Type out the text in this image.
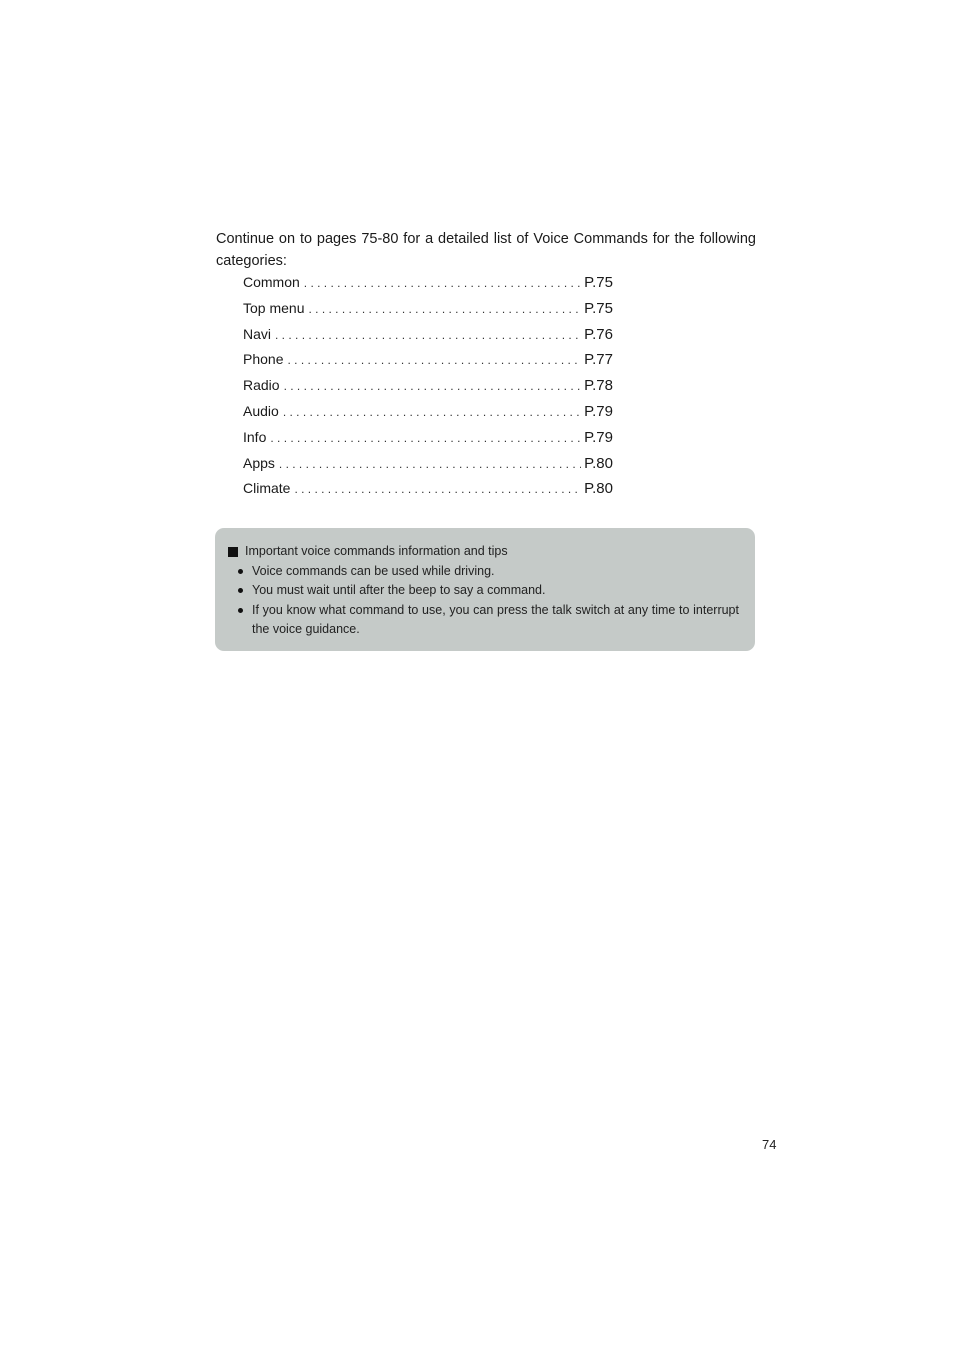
Continue on to pages 75-80 for a detailed list of Voice Commands for the following categories:

Common . . .	P.75
Top menu . . .	P.75
Navi . . .	P.76
Phone . . .	P.77
Radio . . .	P.78
Audio . . .	P.79
Info . . .	P.79
Apps . . .	P.80
Climate . . .	P.80

Important voice commands information and tips

Voice commands can be used while driving.
You must wait until after the beep to say a command.
If you know what command to use, you can press the talk switch at any time to interrupt the voice guidance.
74
